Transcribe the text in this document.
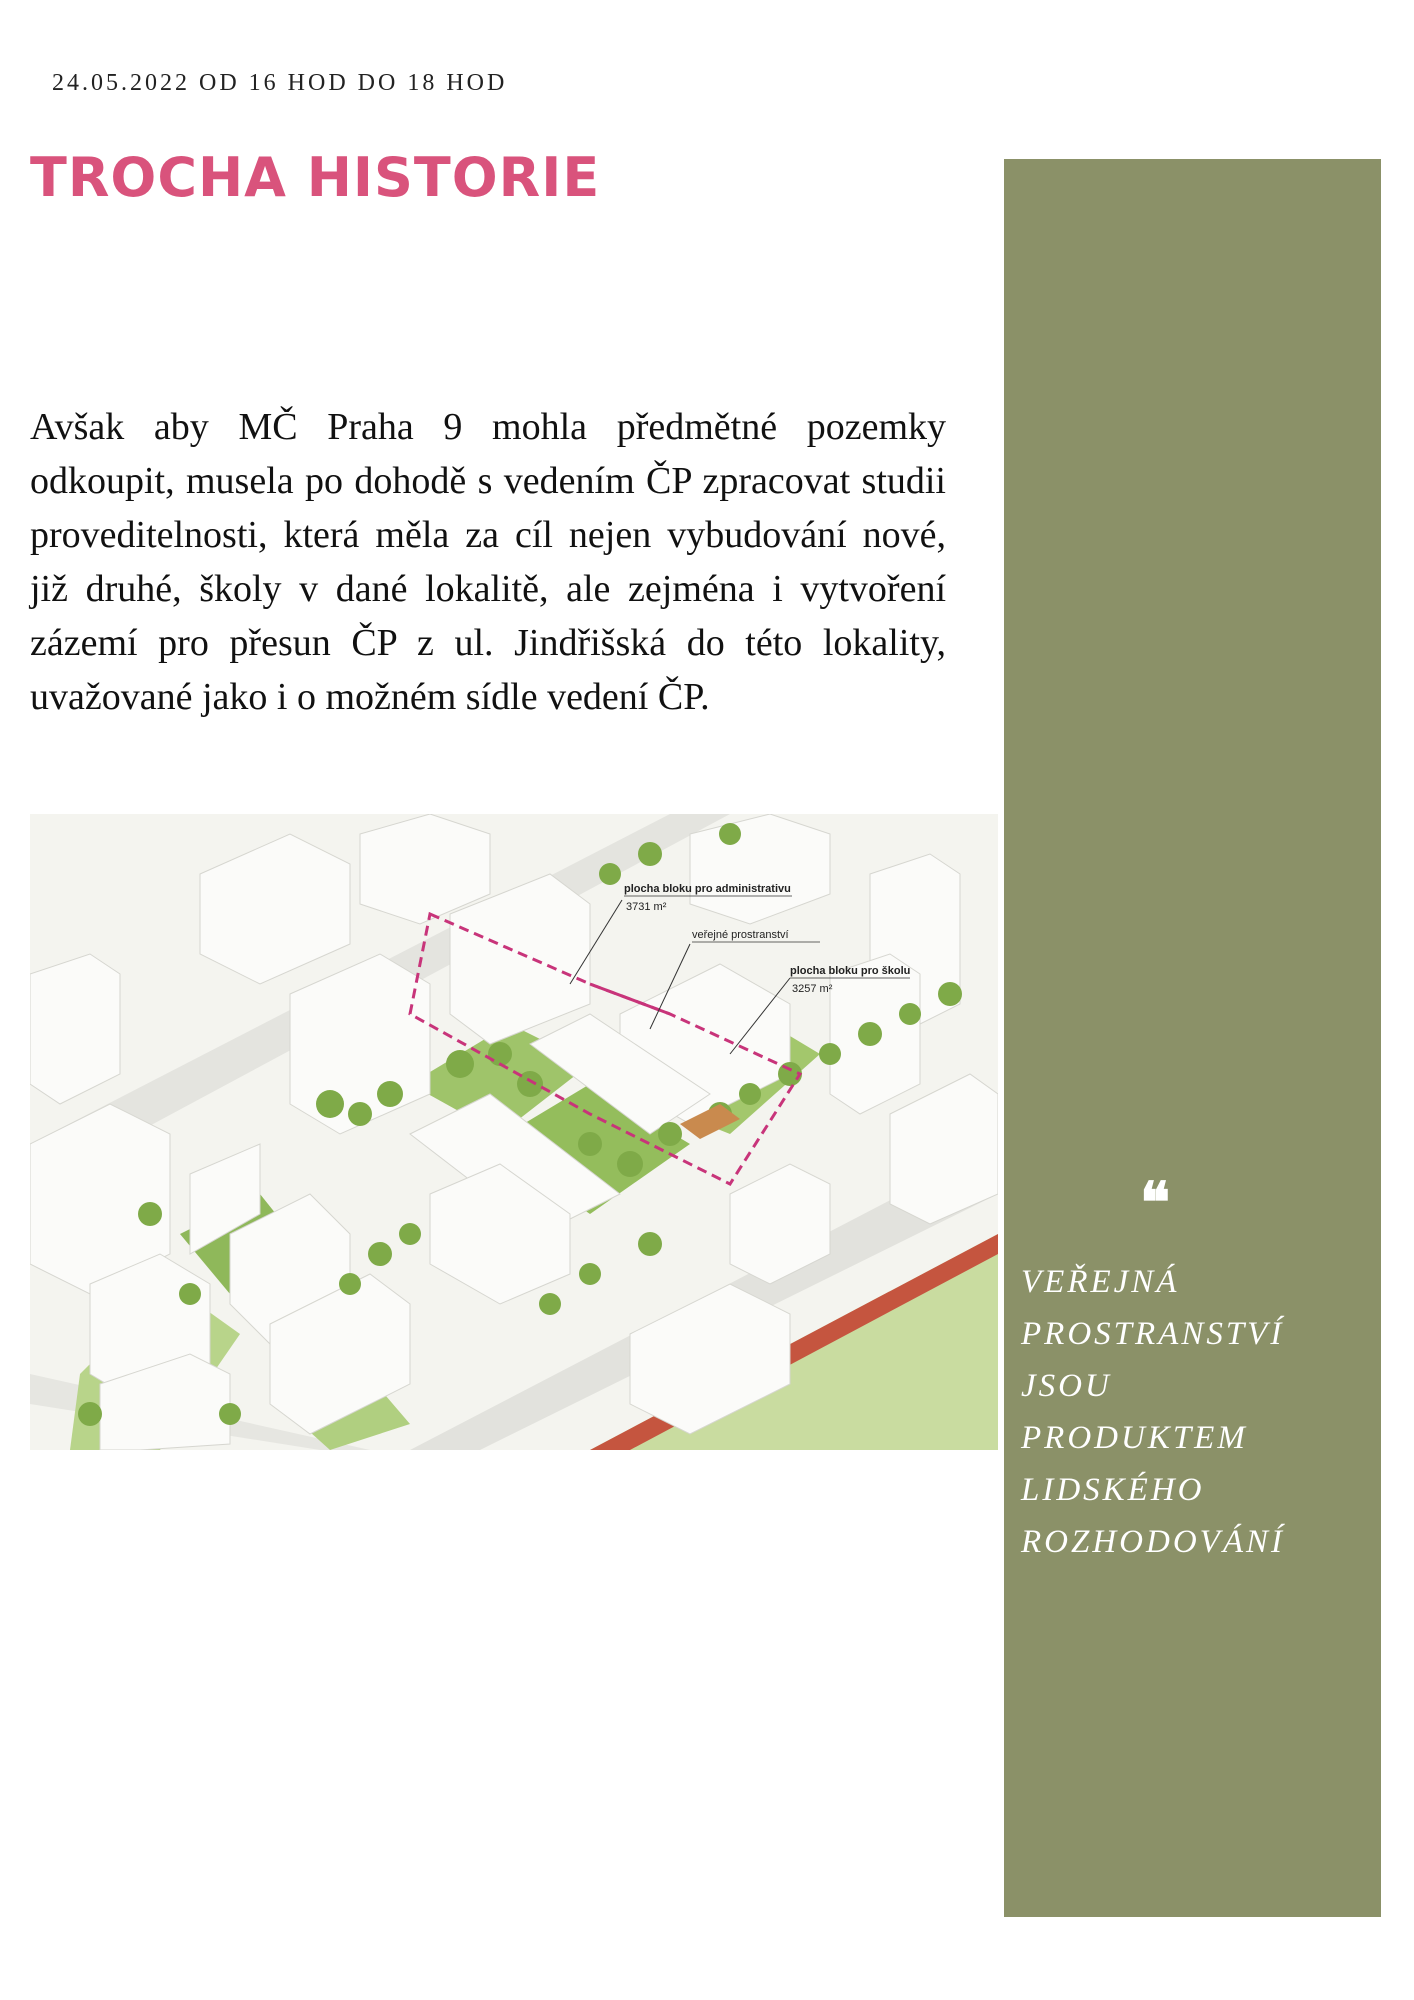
24.05.2022 OD 16 HOD DO 18 HOD
TROCHA HISTORIE

Avšak aby MČ Praha 9 mohla předmětné pozemky odkoupit, musela po dohodě s vedením ČP zpracovat studii proveditelnosti, která měla za cíl nejen vybudování nové, již druhé, školy v dané lokalitě, ale zejména i vytvoření zázemí pro přesun ČP z ul. Jindřišská do této lokality, uvažované jako i o možném sídle vedení ČP.

plocha bloku pro administrativu
3731 m²
veřejné prostranství
plocha bloku pro školu
3257 m²
❝
VEŘEJNÁ
PROSTRANSTVÍ
JSOU
PRODUKTEM
LIDSKÉHO
ROZHODOVÁNÍ
